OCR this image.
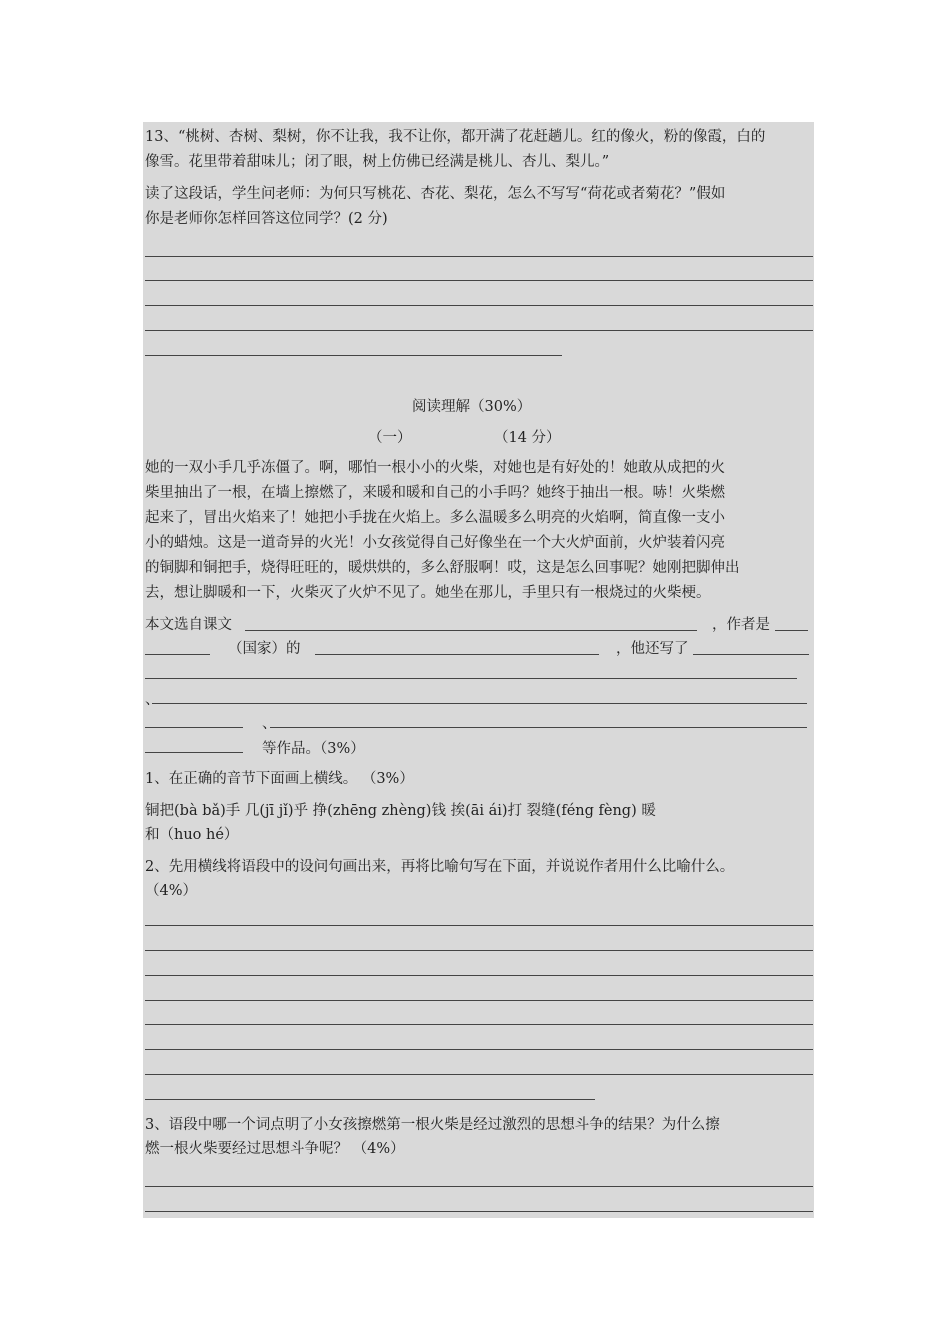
13、“桃树、杏树、梨树，你不让我，我不让你，都开满了花赶趟儿。红的像火，粉的像霞，白的
像雪。花里带着甜味儿；闭了眼，树上仿佛已经满是桃儿、杏儿、梨儿。”
读了这段话，学生问老师：为何只写桃花、杏花、梨花，怎么不写写“荷花或者菊花？”假如
你是老师你怎样回答这位同学？(2 分)
阅读理解（30%）
（一）	（14 分）
她的一双小手几乎冻僵了。啊，哪怕一根小小的火柴，对她也是有好处的！她敢从成把的火
柴里抽出了一根，在墙上擦燃了，来暖和暖和自己的小手吗？她终于抽出一根。哧！火柴燃
起来了，冒出火焰来了！她把小手拢在火焰上。多么温暖多么明亮的火焰啊，简直像一支小
小的蜡烛。这是一道奇异的火光！小女孩觉得自己好像坐在一个大火炉面前，火炉装着闪亮
的铜脚和铜把手，烧得旺旺的，暖烘烘的，多么舒服啊！哎，这是怎么回事呢？她刚把脚伸出
去，想让脚暖和一下，火柴灭了火炉不见了。她坐在那儿，手里只有一根烧过的火柴梗。
本文选自课文	，作者是
（国家）的	，他还写了
、
、
等作品。（3%）
1、在正确的音节下面画上横线。 （3%）
铜把(bà bǎ)手 几(jī jǐ)乎 挣(zhēng zhèng)钱 挨(āi ái)打 裂缝(féng fèng) 暖
和（huo hé）
2、先用横线将语段中的设问句画出来，再将比喻句写在下面，并说说作者用什么比喻什么。
（4%）
3、语段中哪一个词点明了小女孩擦燃第一根火柴是经过激烈的思想斗争的结果？为什么擦
燃一根火柴要经过思想斗争呢？ （4%）
